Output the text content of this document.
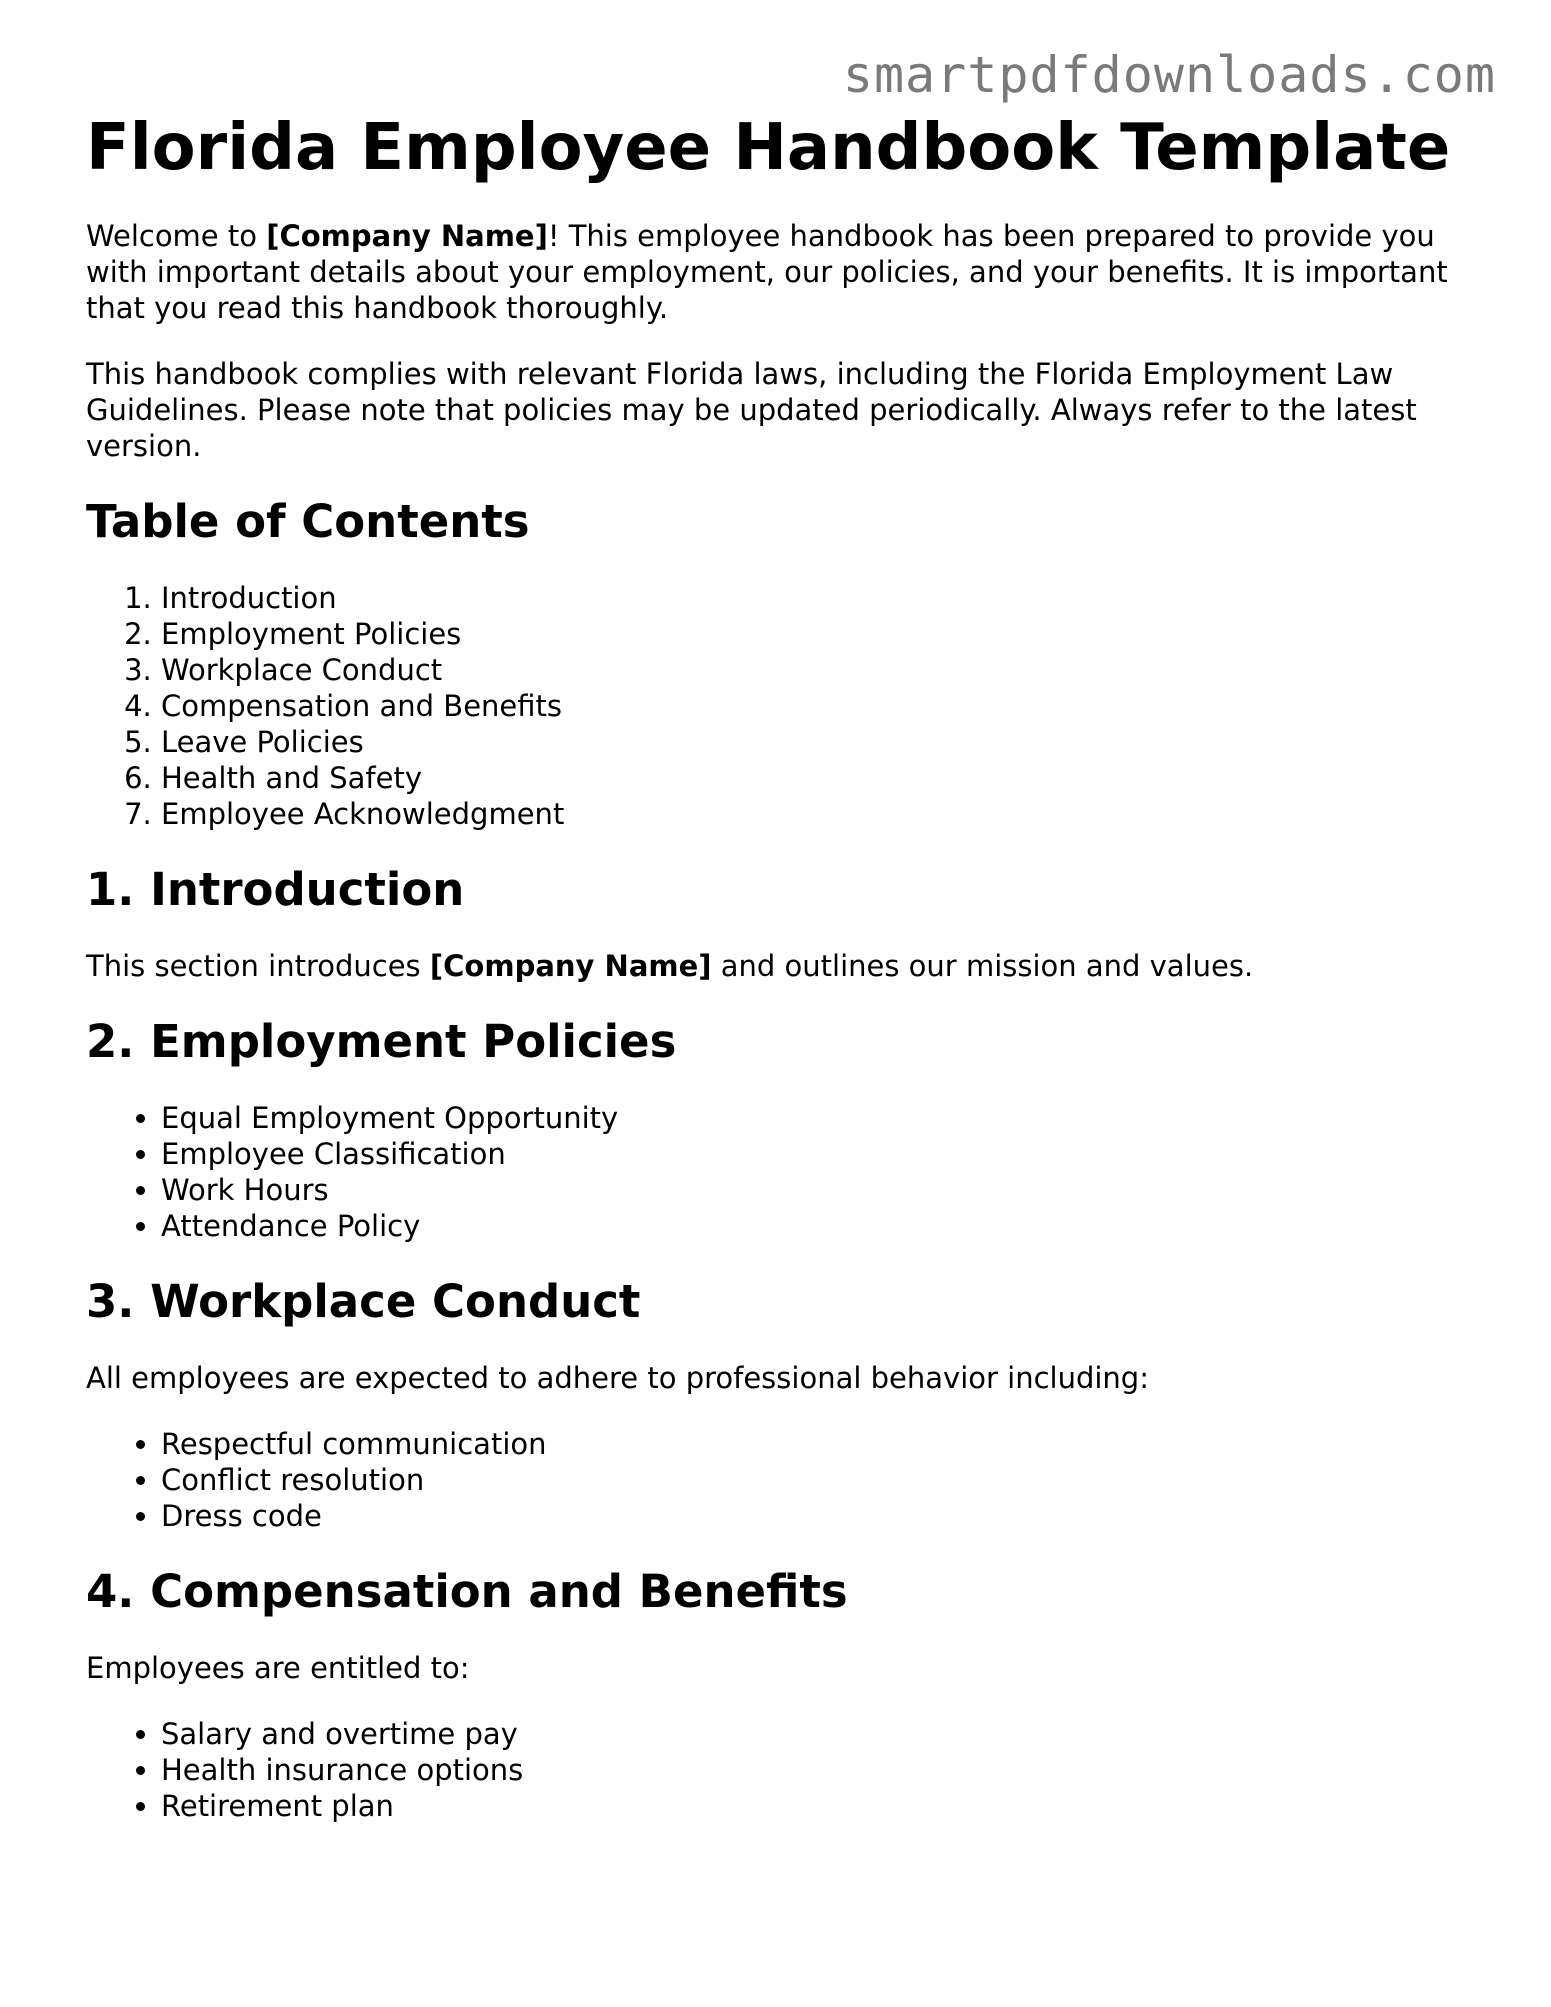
smartpdfdownloads.com
Florida Employee Handbook Template

Welcome to [Company Name]! This employee handbook has been prepared to provide you with important details about your employment, our policies, and your benefits. It is important that you read this handbook thoroughly.

This handbook complies with relevant Florida laws, including the Florida Employment Law Guidelines. Please note that policies may be updated periodically. Always refer to the latest version.

Table of Contents
1. Introduction
2. Employment Policies
3. Workplace Conduct
4. Compensation and Benefits
5. Leave Policies
6. Health and Safety
7. Employee Acknowledgment
1. Introduction

This section introduces [Company Name] and outlines our mission and values.

2. Employment Policies
• Equal Employment Opportunity
• Employee Classification
• Work Hours
• Attendance Policy
3. Workplace Conduct

All employees are expected to adhere to professional behavior including:

• Respectful communication
• Conflict resolution
• Dress code
4. Compensation and Benefits

Employees are entitled to:

• Salary and overtime pay
• Health insurance options
• Retirement plan
